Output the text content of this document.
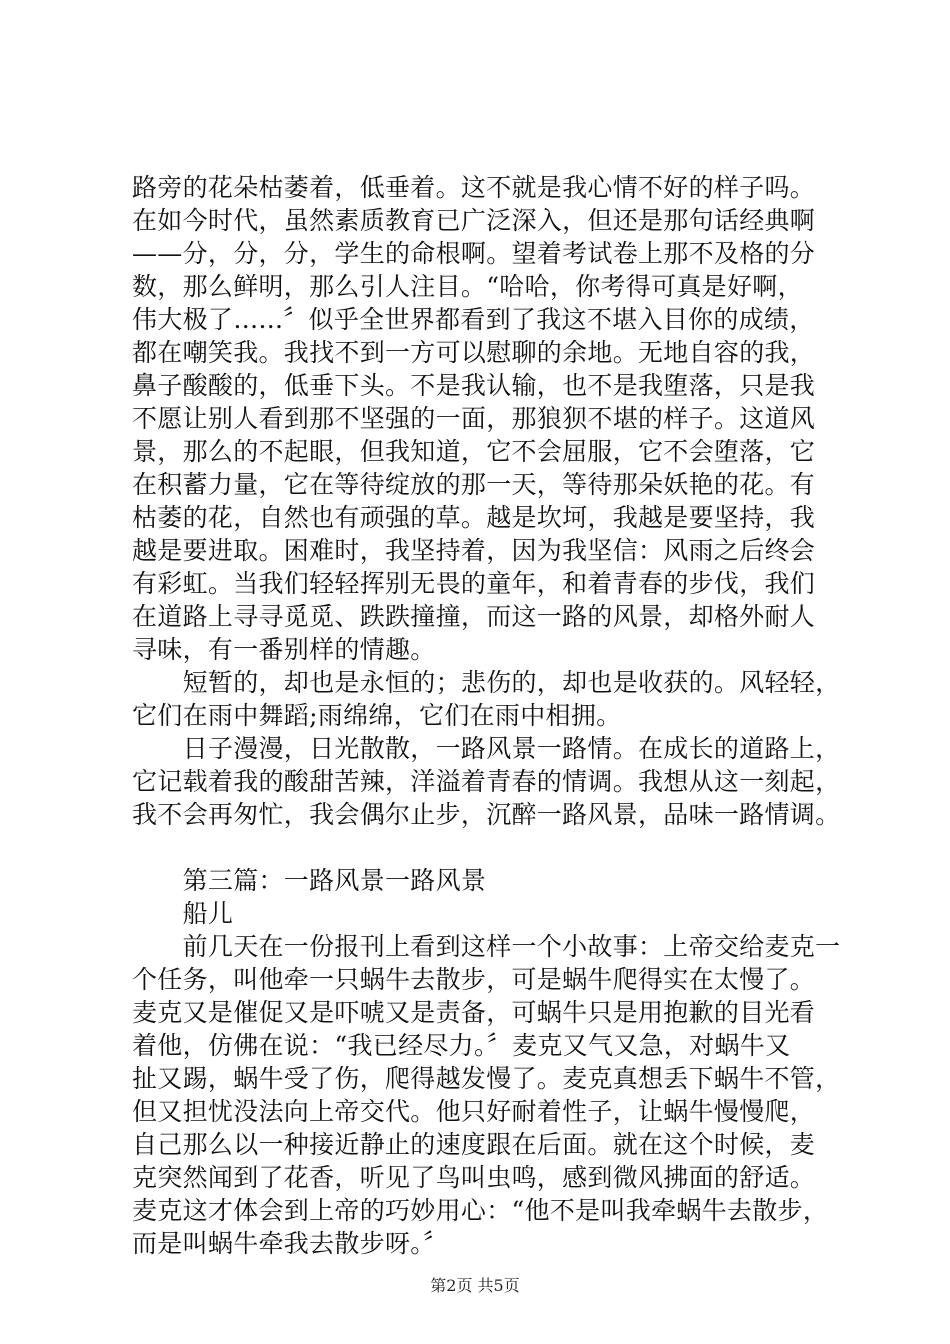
路旁的花朵枯萎着，低垂着。这不就是我心情不好的样子吗。
在如今时代，虽然素质教育已广泛深入，但还是那句话经典啊
——分，分，分，学生的命根啊。望着考试卷上那不及格的分
数，那么鲜明，那么引人注目。“哈哈，你考得可真是好啊，
伟大极了…...〞似乎全世界都看到了我这不堪入目你的成绩，
都在嘲笑我。我找不到一方可以慰聊的余地。无地自容的我，
鼻子酸酸的，低垂下头。不是我认输，也不是我堕落，只是我
不愿让别人看到那不坚强的一面，那狼狈不堪的样子。这道风
景，那么的不起眼，但我知道，它不会屈服，它不会堕落，它
在积蓄力量，它在等待绽放的那一天，等待那朵妖艳的花。有
枯萎的花，自然也有顽强的草。越是坎坷，我越是要坚持，我
越是要进取。困难时，我坚持着，因为我坚信：风雨之后终会
有彩虹。当我们轻轻挥别无畏的童年，和着青春的步伐，我们
在道路上寻寻觅觅、跌跌撞撞，而这一路的风景，却格外耐人
寻味，有一番别样的情趣。
　　短暂的，却也是永恒的；悲伤的，却也是收获的。风轻轻，
它们在雨中舞蹈;雨绵绵，它们在雨中相拥。
　　日子漫漫，日光散散，一路风景一路情。在成长的道路上，
它记载着我的酸甜苦辣，洋溢着青春的情调。我想从这一刻起，
我不会再匆忙，我会偶尔止步，沉醉一路风景，品味一路情调。
　　第三篇：一路风景一路风景
　　船儿
　　前几天在一份报刊上看到这样一个小故事：上帝交给麦克一
个任务，叫他牵一只蜗牛去散步，可是蜗牛爬得实在太慢了。
麦克又是催促又是吓唬又是责备，可蜗牛只是用抱歉的目光看
着他，仿佛在说：“我已经尽力。〞麦克又气又急，对蜗牛又
扯又踢，蜗牛受了伤，爬得越发慢了。麦克真想丢下蜗牛不管，
但又担忧没法向上帝交代。他只好耐着性子，让蜗牛慢慢爬，
自己那么以一种接近静止的速度跟在后面。就在这个时候，麦
克突然闻到了花香，听见了鸟叫虫鸣，感到微风拂面的舒适。
麦克这才体会到上帝的巧妙用心：“他不是叫我牵蜗牛去散步，
而是叫蜗牛牵我去散步呀。〞
第2页 共5页
